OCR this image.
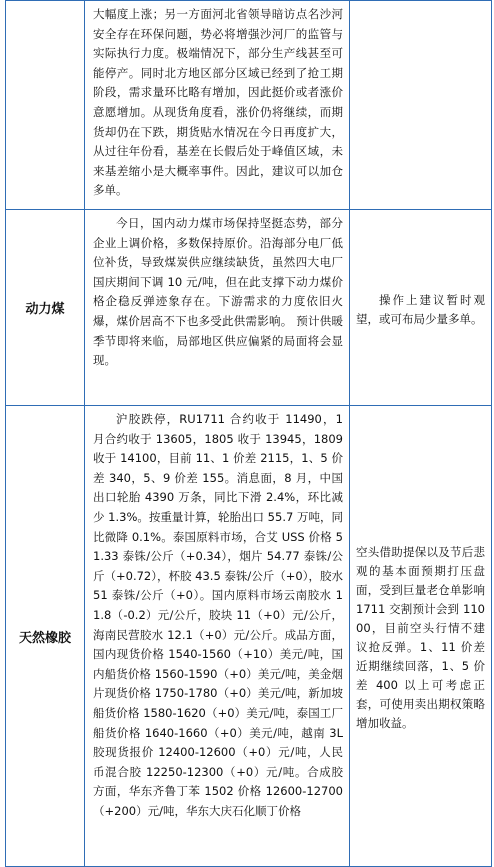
	大幅度上涨；另一方面河北省领导暗访点名沙河安全存在环保问题，势必将增强沙河厂的监管与实际执行力度。极端情况下，部分生产线甚至可能停产。同时北方地区部分区域已经到了抢工期阶段，需求量环比略有增加，因此挺价或者涨价意愿增加。从现货角度看，涨价仍将继续，而期货却仍在下跌，期货贴水情况在今日再度扩大，从过往年份看，基差在长假后处于峰值区域，未来基差缩小是大概率事件。因此，建议可以加仓多单。	

动力煤	今日，国内动力煤市场保持坚挺态势，部分企业上调价格，多数保持原价。沿海部分电厂低位补货，导致煤炭供应继续缺货，虽然四大电厂国庆期间下调 10 元/吨，但在此支撑下动力煤价格企稳反弹迹象存在。下游需求的力度依旧火爆，煤价居高不下也多受此供需影响。 预计供暖季节即将来临，局部地区供应偏紧的局面将会显现。	操作上建议暂时观望，或可布局少量多单。

天然橡胶	沪胶跌停，RU1711 合约收于 11490，1 月合约收于 13605，1805 收于 13945，1809 收于 14100，目前 11、1 价差 2115，1、5 价差 340，5、9 价差 155。消息面，8 月，中国出口轮胎 4390 万条，同比下滑 2.4%，环比减少 1.3%。按重量计算，轮胎出口 55.7 万吨，同比微降 0.1%。泰国原料市场，合艾 USS 价格 51.33 泰铢/公斤（+0.34），烟片 54.77 泰铢/公斤（+0.72），杯胶 43.5 泰铢/公斤（+0），胶水 51 泰铢/公斤（+0）。国内原料市场云南胶水 11.8（-0.2）元/公斤，胶块 11（+0）元/公斤，海南民营胶水 12.1（+0）元/公斤。成品方面，国内现货价格 1540-1560（+10）美元/吨，国内船货价格 1560-1590（+0）美元/吨，美金烟片现货价格 1750-1780（+0）美元/吨，新加坡船货价格 1580-1620（+0）美元/吨，泰国工厂船货价格 1640-1660（+0）美元/吨，越南 3L 胶现货报价 12400-12600（+0）元/吨，人民币混合胶 12250-12300（+0）元/吨。合成胶方面，华东齐鲁丁苯 1502 价格 12600-12700（+200）元/吨，华东大庆石化顺丁价格	空头借助提保以及节后悲观的基本面预期打压盘面，受到巨量老仓单影响 1711 交割预计会到 11000，目前空头行情不建议抢反弹。1、11 价差近期继续回落，1、5 价差 400 以上可考虑正套，可使用卖出期权策略增加收益。
